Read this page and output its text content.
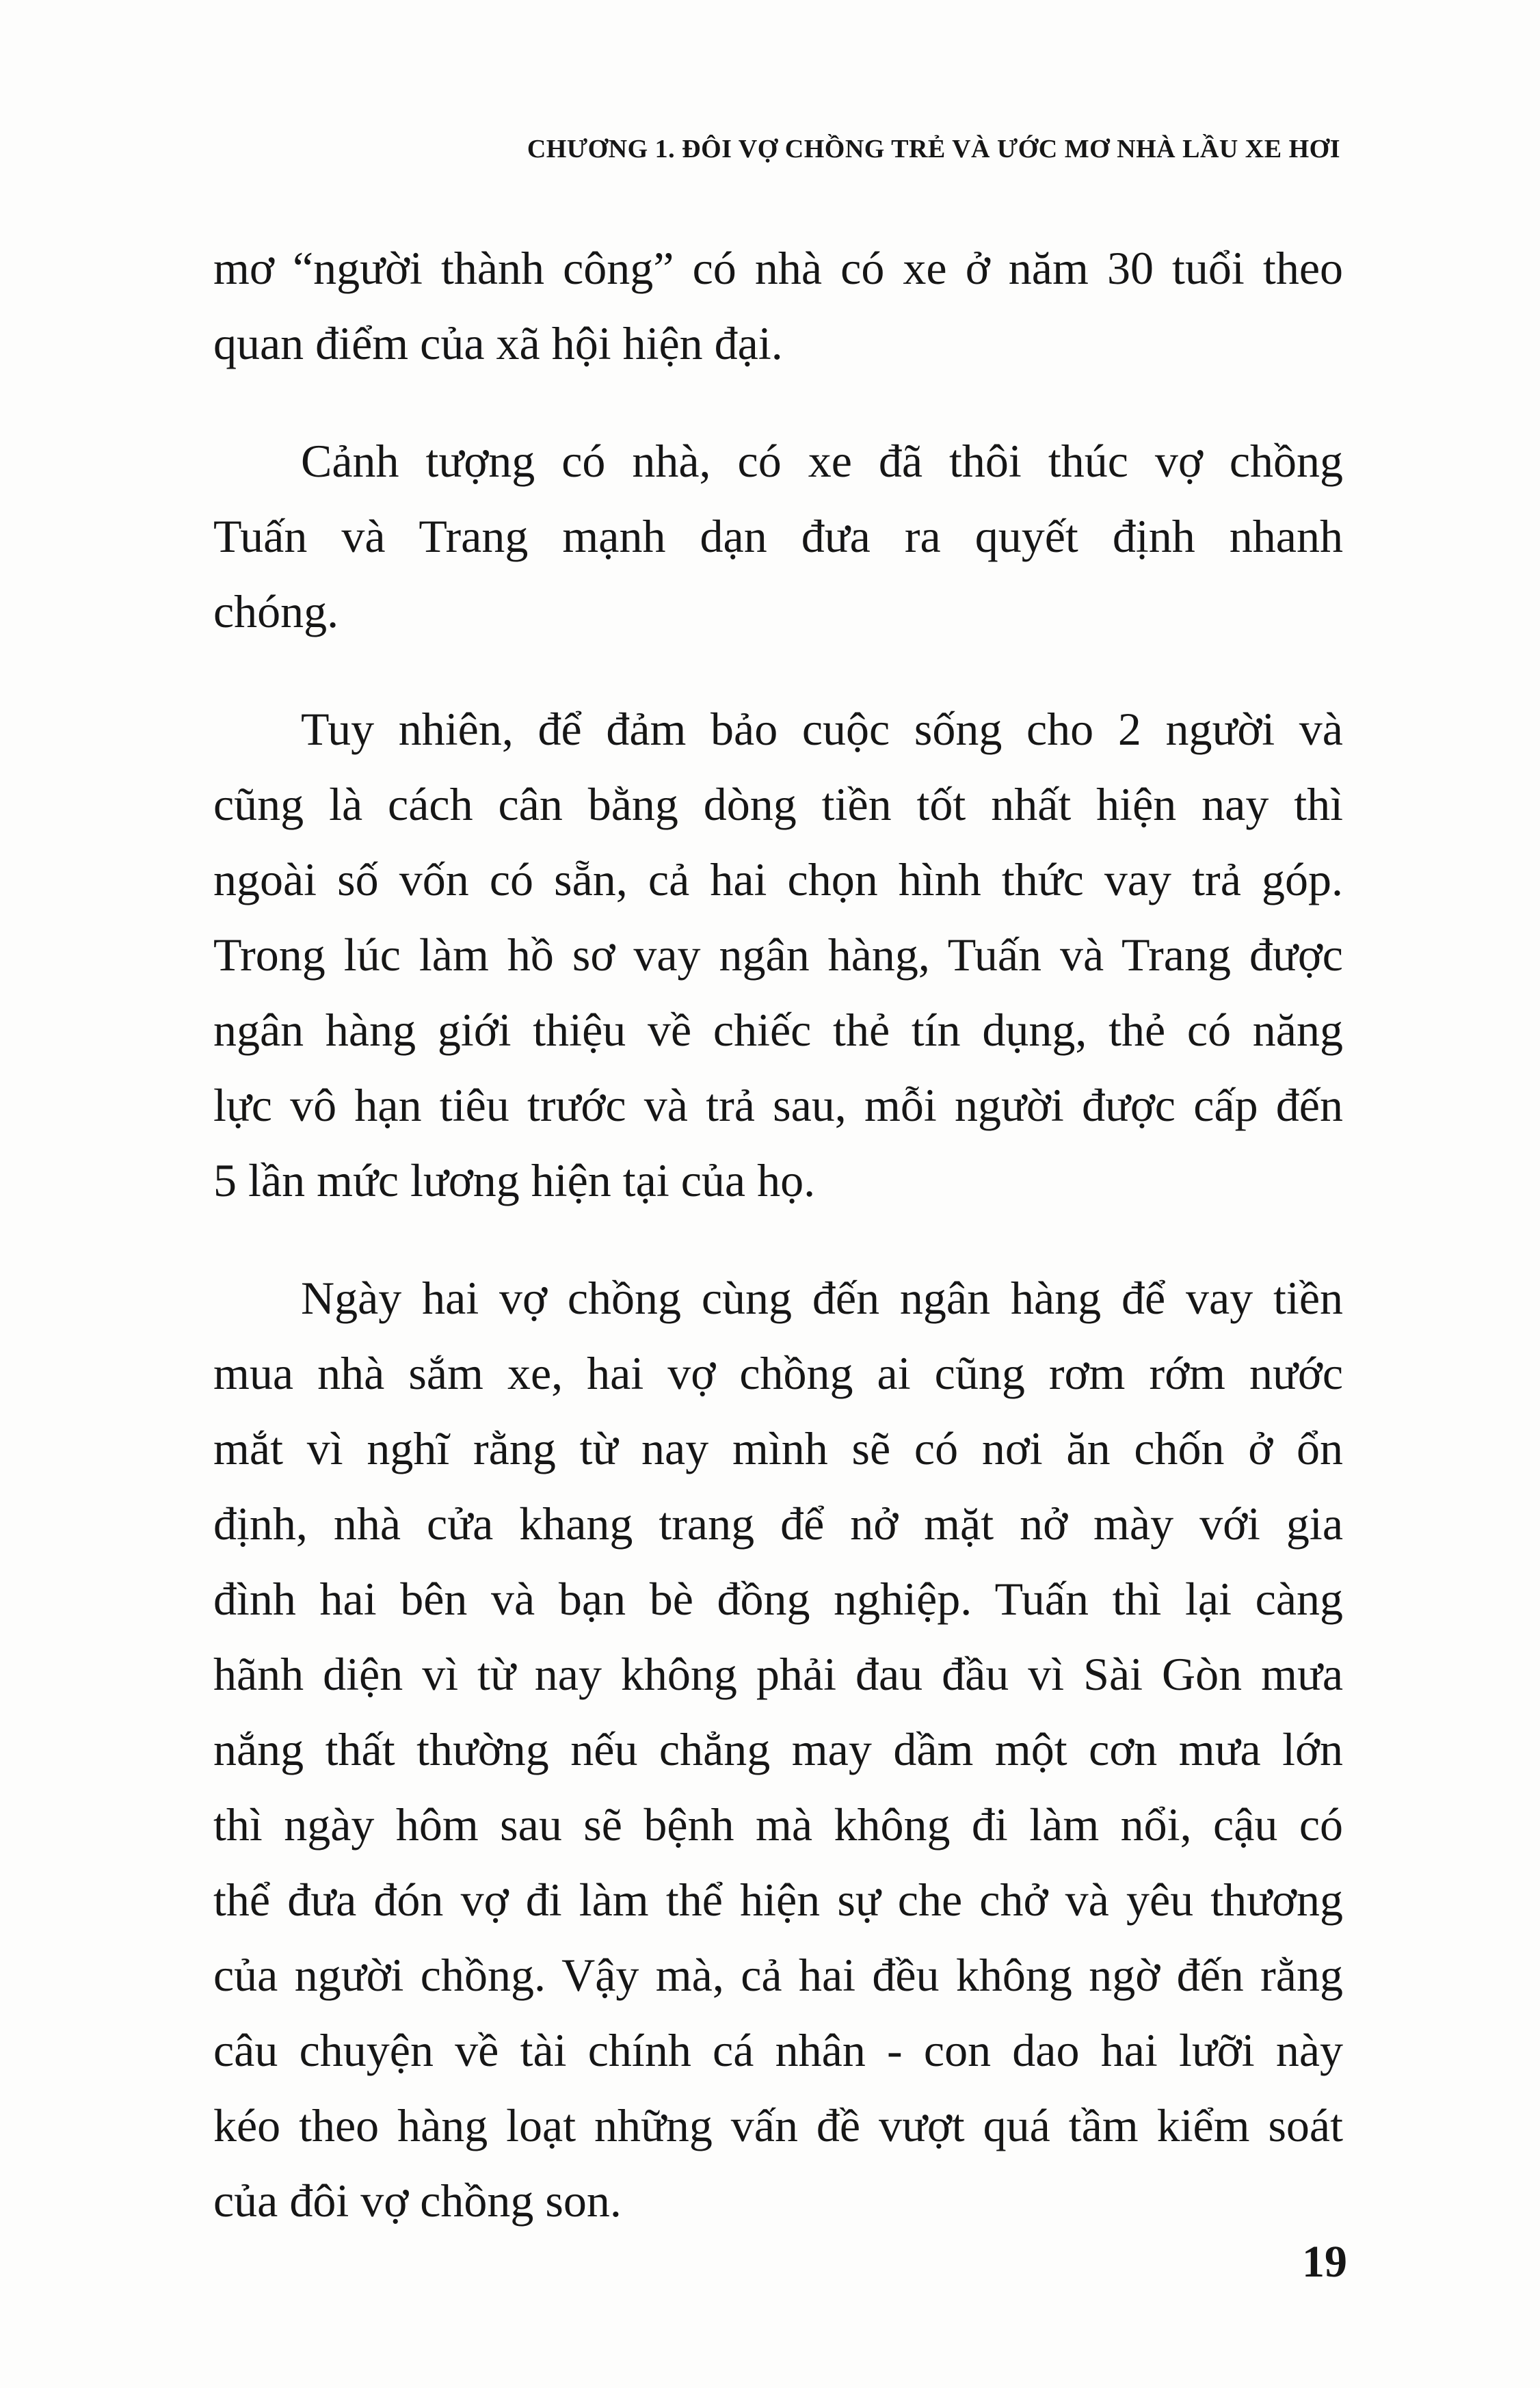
CHƯƠNG 1. ĐÔI VỢ CHỒNG TRẺ VÀ ƯỚC MƠ NHÀ LẦU XE HƠI
mơ “người thành công” có nhà có xe ở năm 30 tuổi theo
quan điểm của xã hội hiện đại.
Cảnh tượng có nhà, có xe đã thôi thúc vợ chồng
Tuấn và Trang mạnh dạn đưa ra quyết định nhanh
chóng.
Tuy nhiên, để đảm bảo cuộc sống cho 2 người và
cũng là cách cân bằng dòng tiền tốt nhất hiện nay thì
ngoài số vốn có sẵn, cả hai chọn hình thức vay trả góp.
Trong lúc làm hồ sơ vay ngân hàng, Tuấn và Trang được
ngân hàng giới thiệu về chiếc thẻ tín dụng, thẻ có năng
lực vô hạn tiêu trước và trả sau, mỗi người được cấp đến
5 lần mức lương hiện tại của họ.
Ngày hai vợ chồng cùng đến ngân hàng để vay tiền
mua nhà sắm xe, hai vợ chồng ai cũng rơm rớm nước
mắt vì nghĩ rằng từ nay mình sẽ có nơi ăn chốn ở ổn
định, nhà cửa khang trang để nở mặt nở mày với gia
đình hai bên và bạn bè đồng nghiệp. Tuấn thì lại càng
hãnh diện vì từ nay không phải đau đầu vì Sài Gòn mưa
nắng thất thường nếu chẳng may dầm một cơn mưa lớn
thì ngày hôm sau sẽ bệnh mà không đi làm nổi, cậu có
thể đưa đón vợ đi làm thể hiện sự che chở và yêu thương
của người chồng. Vậy mà, cả hai đều không ngờ đến rằng
câu chuyện về tài chính cá nhân - con dao hai lưỡi này
kéo theo hàng loạt những vấn đề vượt quá tầm kiểm soát
của đôi vợ chồng son.
19
